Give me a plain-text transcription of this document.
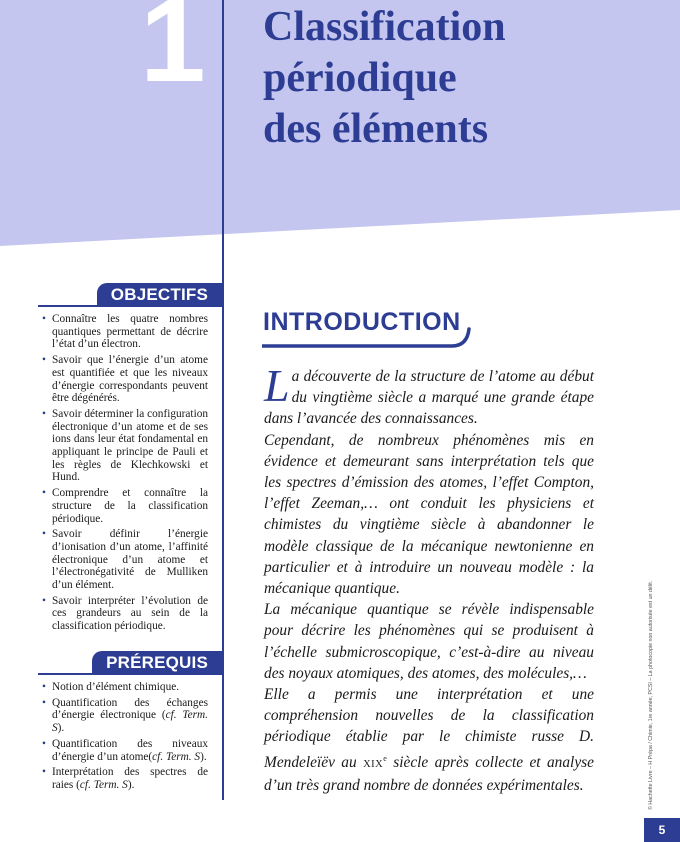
1 Classification
périodique
des éléments
OBJECTIFS
• Connaître les quatre nombres quantiques permettant de décrire l’état d’un électron.
• Savoir que l’énergie d’un atome est quantifiée et que les niveaux d’énergie correspondants peuvent être dégénérés.
• Savoir déterminer la configuration électronique d’un atome et de ses ions dans leur état fondamental en appliquant le principe de Pauli et les règles de Klechkowski et Hund.
• Comprendre et connaître la structure de la classification périodique.
• Savoir définir l’énergie d’ionisation d’un atome, l’affinité électronique d’un atome et l’électronégativité de Mulliken d’un élément.
• Savoir interpréter l’évolution de ces grandeurs au sein de la classification périodique.
PRÉREQUIS
• Notion d’élément chimique.
• Quantification des échanges d’énergie électronique (cf. Term. S).
• Quantification des niveaux d’énergie d’un atome(cf. Term. S).
• Interprétation des spectres de raies (cf. Term. S).
INTRODUCTION

La découverte de la structure de l’atome au début du vingtième siècle a marqué une grande étape dans l’avancée des connaissances.

Cependant, de nombreux phénomènes mis en évidence et demeurant sans interprétation tels que les spectres d’émission des atomes, l’effet Compton, l’effet Zeeman,… ont conduit les physiciens et chimistes du vingtième siècle à abandonner le modèle classique de la mécanique newtonienne en particulier et à introduire un nouveau modèle : la mécanique quantique.

La mécanique quantique se révèle indispensable pour décrire les phénomènes qui se produisent à l’échelle submicroscopique, c’est-à-dire au niveau des noyaux atomiques, des atomes, des molécules,…

Elle a permis une interprétation et une compréhension nouvelles de la classification périodique établie par le chimiste russe D. Mendeleïëv au XIXe siècle après collecte et analyse d’un très grand nombre de données expérimentales.	© Hachette Livre – H Prépa / Chimie, 1re année, PCSI – La photocopie non autorisée est un délit.
5
